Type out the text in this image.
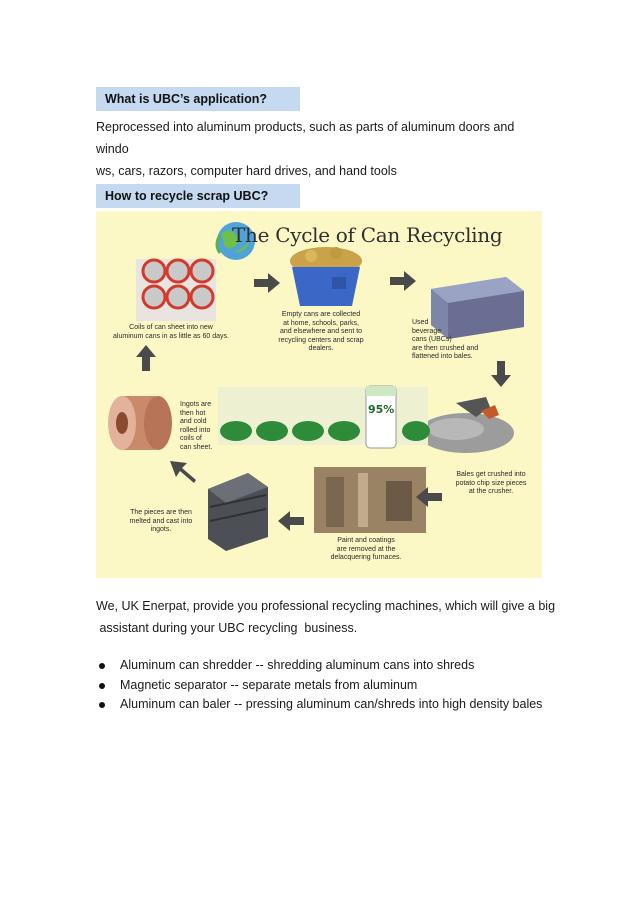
What is UBC’s application?
Reprocessed into aluminum products, such as parts of aluminum doors and windo
ws, cars, razors, computer hard drives, and hand tools
How to recycle scrap UBC?
The Cycle of Can Recycling
95%
Empty cans are collected
at home, schools, parks,
and elsewhere and sent to
recycling centers and scrap
dealers.
Used
beverage
cans (UBCs)
are then crushed and
flattened into bales.
Bales get crushed into
potato chip size pieces
at the crusher.
Paint and coatings
are removed at the
delacquering furnaces.
The pieces are then
melted and cast into
ingots.
Ingots are
then hot
and cold
rolled into
coils of
can sheet.
Coils of can sheet into new
aluminum cans in as little as 60 days.
We, UK Enerpat, provide you professional recycling machines, which will give a big
assistant during your UBC recycling  business.
Aluminum can shredder -- shredding aluminum cans into shreds
Magnetic separator -- separate metals from aluminum
Aluminum can baler -- pressing aluminum can/shreds into high density bales
